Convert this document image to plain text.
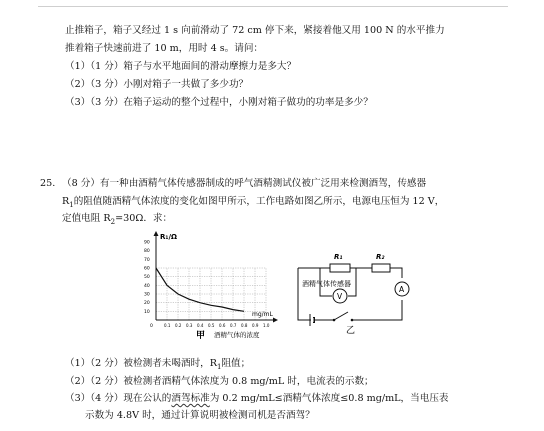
止推箱子，箱子又经过 1 s 向前滑动了 72 cm 停下来，紧接着他又用 100 N 的水平推力
推着箱子快速前进了 10 m，用时 4 s。请问：
（1）（1 分）箱子与水平地面间的滑动摩擦力是多大？
（2）（3 分）小刚对箱子一共做了多少功？
（3）（3 分）在箱子运动的整个过程中，小刚对箱子做功的功率是多少？
25. （8 分）有一种由酒精气体传感器制成的呼气酒精测试仪被广泛用来检测酒驾，传感器
$R_1$的阻值随酒精气体浓度的变化如图甲所示，工作电路如图乙所示，电源电压恒为 12 V，
定值电阻 $R_2=30\Omega$．求：
R₁/Ω
90
80
70
60
50
40
30
20
10
0.1 0.2 0.3 0.4 0.5 0.6 0.7 0.8 0.9 1.0
0
mg/mL
甲 酒精气体的浓度
R₁	R₂
酒精气体传感器
V
A
乙
（1）（2 分）被检测者未喝酒时，$R_1$阻值；
（2）（2 分）被检测者酒精气体浓度为 0.8 mg/mL 时，电流表的示数；
（3）（4 分）现在公认的酒驾标准为 0.2 mg/mL≤酒精气体浓度≤0.8 mg/mL，当电压表
示数为 4.8V 时，通过计算说明被检测司机是否酒驾？
